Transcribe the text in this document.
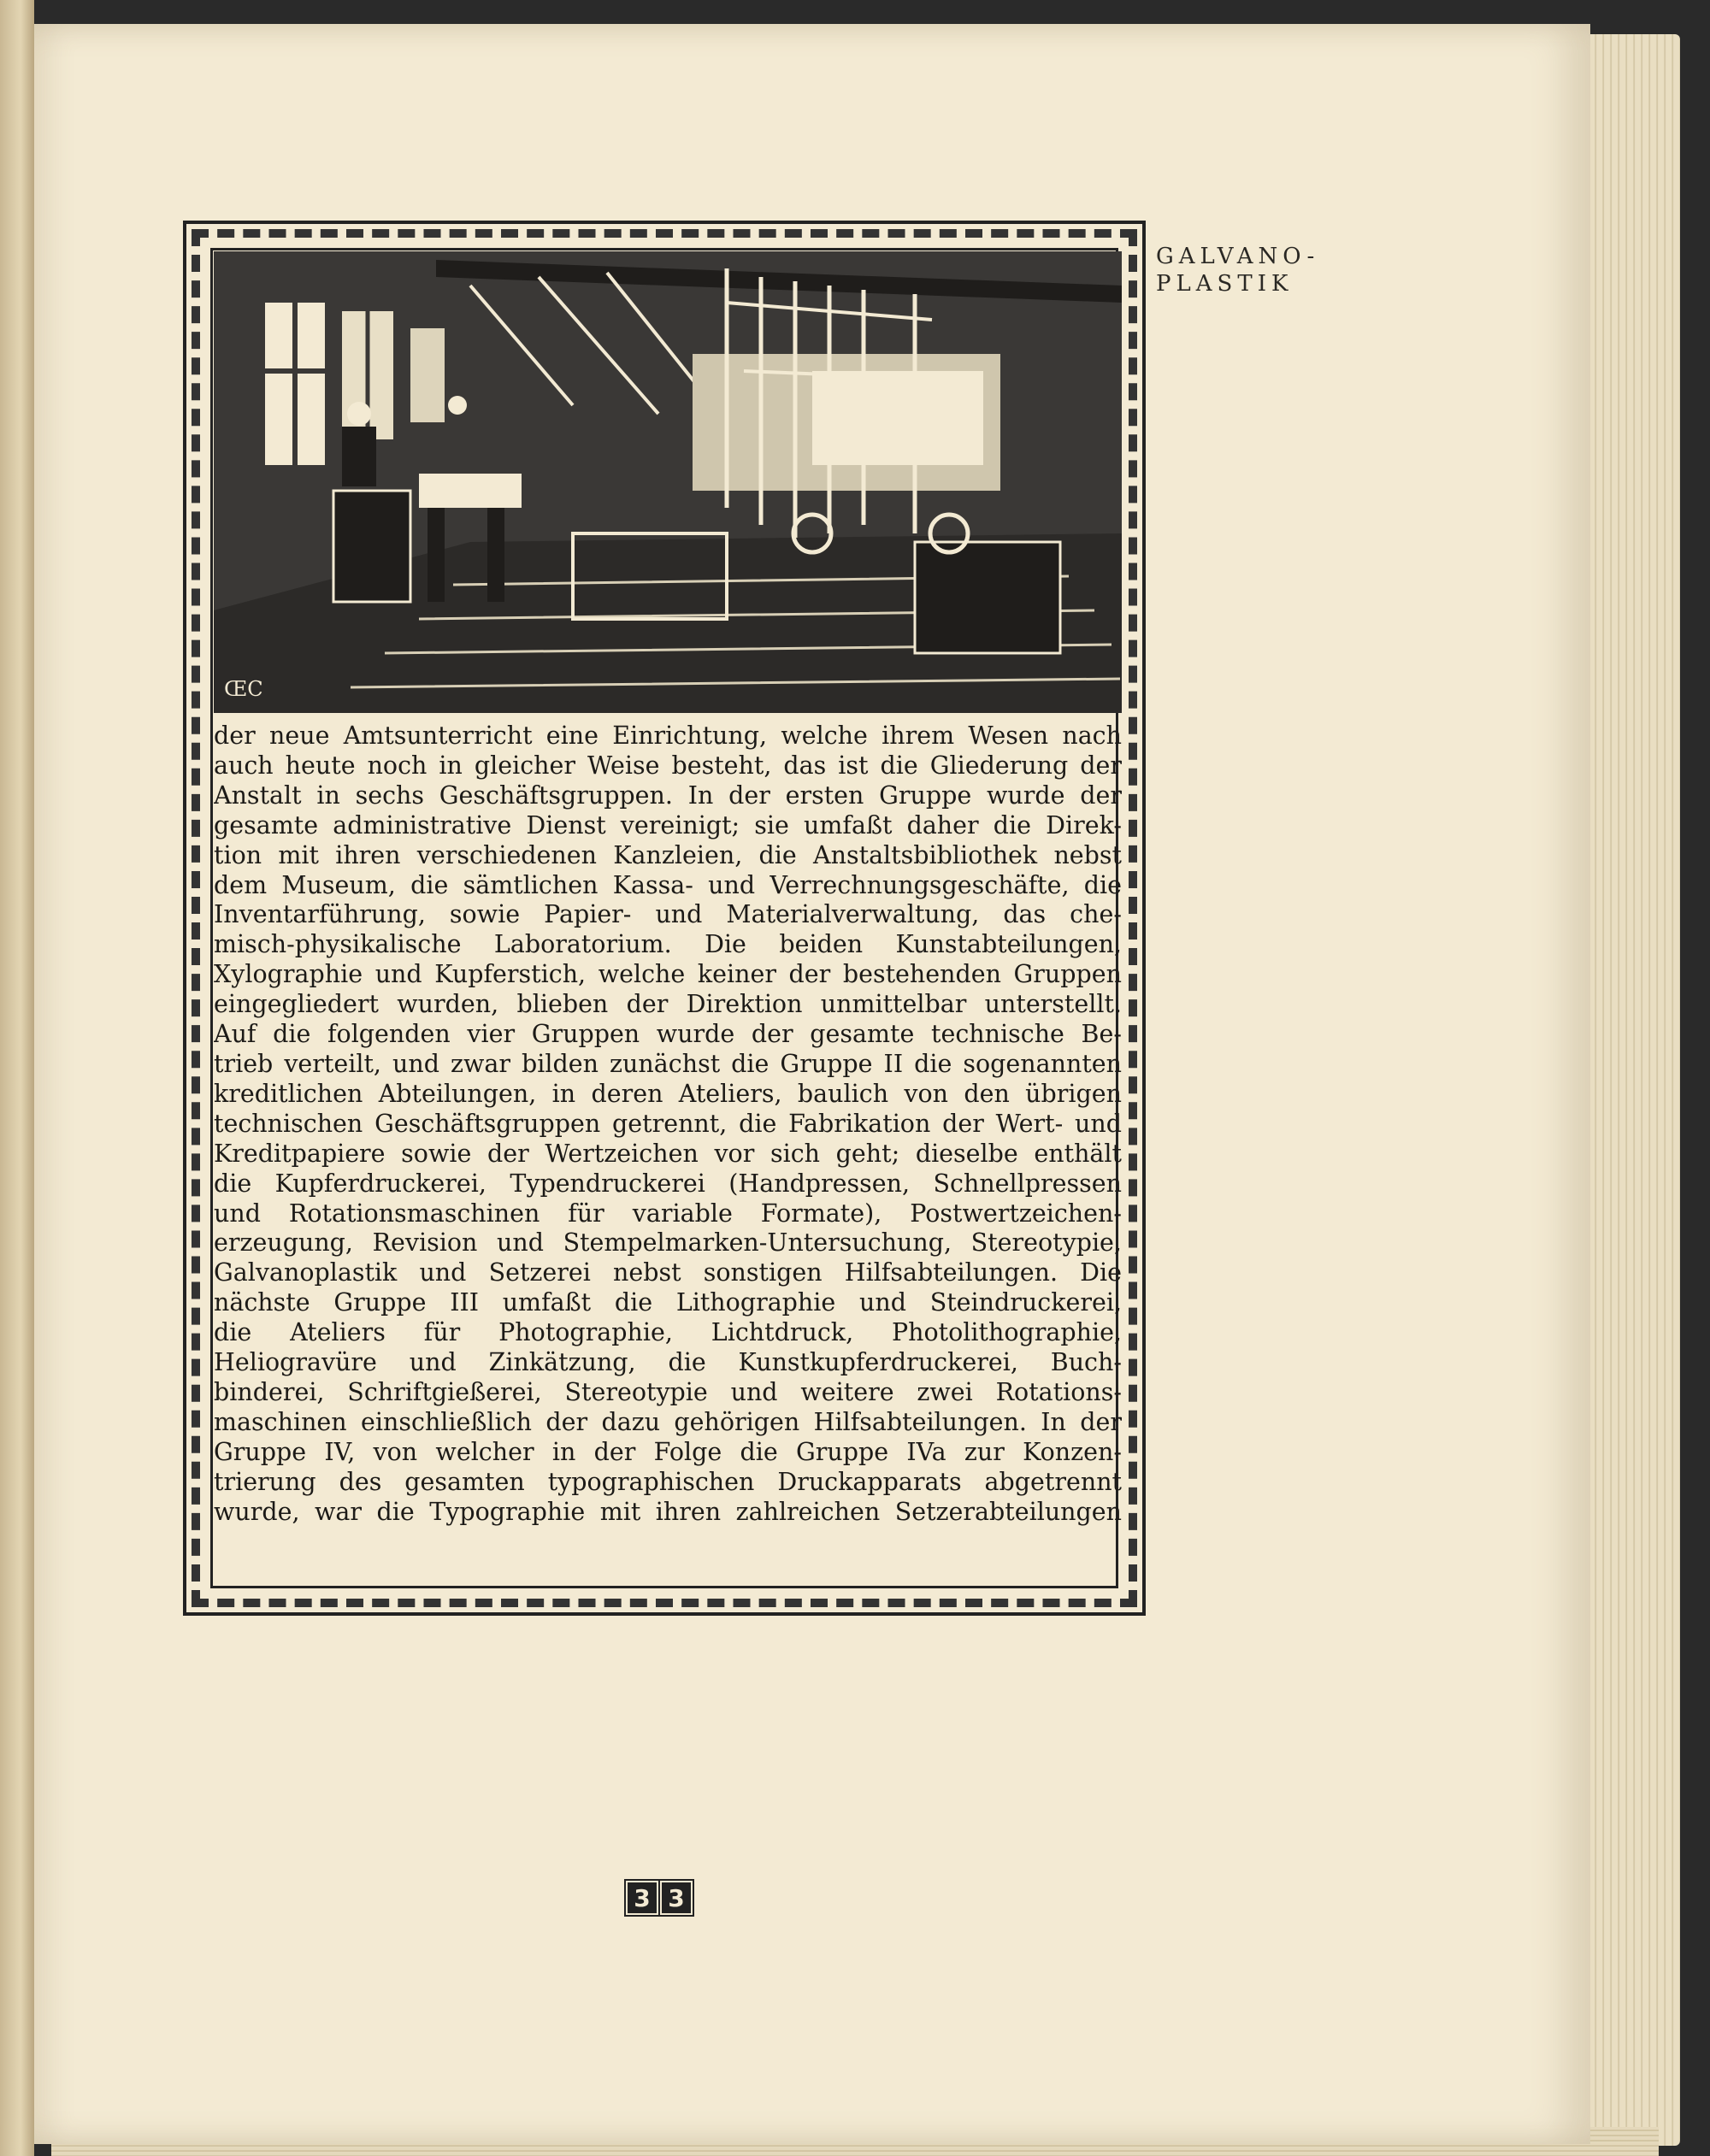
GALVANO-
PLASTIK
ŒC
der neue Amtsunterricht eine Einrichtung, welche ihrem Wesen nach
auch heute noch in gleicher Weise besteht, das ist die Gliederung der
Anstalt in sechs Geschäftsgruppen. In der ersten Gruppe wurde der
gesamte administrative Dienst vereinigt; sie umfaßt daher die Direk-
tion mit ihren verschiedenen Kanzleien, die Anstaltsbibliothek nebst
dem Museum, die sämtlichen Kassa- und Verrechnungsgeschäfte, die
Inventarführung, sowie Papier- und Materialverwaltung, das che-
misch-physikalische Laboratorium. Die beiden Kunstabteilungen,
Xylographie und Kupferstich, welche keiner der bestehenden Gruppen
eingegliedert wurden, blieben der Direktion unmittelbar unterstellt.
Auf die folgenden vier Gruppen wurde der gesamte technische Be-
trieb verteilt, und zwar bilden zunächst die Gruppe II die sogenannten
kreditlichen Abteilungen, in deren Ateliers, baulich von den übrigen
technischen Geschäftsgruppen getrennt, die Fabrikation der Wert- und
Kreditpapiere sowie der Wertzeichen vor sich geht; dieselbe enthält
die Kupferdruckerei, Typendruckerei (Handpressen, Schnellpressen
und Rotationsmaschinen für variable Formate), Postwertzeichen-
erzeugung, Revision und Stempelmarken-Untersuchung, Stereotypie,
Galvanoplastik und Setzerei nebst sonstigen Hilfsabteilungen. Die
nächste Gruppe III umfaßt die Lithographie und Steindruckerei,
die Ateliers für Photographie, Lichtdruck, Photolithographie,
Heliogravüre und Zinkätzung, die Kunstkupferdruckerei, Buch-
binderei, Schriftgießerei, Stereotypie und weitere zwei Rotations-
maschinen einschließlich der dazu gehörigen Hilfsabteilungen. In der
Gruppe IV, von welcher in der Folge die Gruppe IVa zur Konzen-
trierung des gesamten typographischen Druckapparats abgetrennt
wurde, war die Typographie mit ihren zahlreichen Setzerabteilungen
3 3
